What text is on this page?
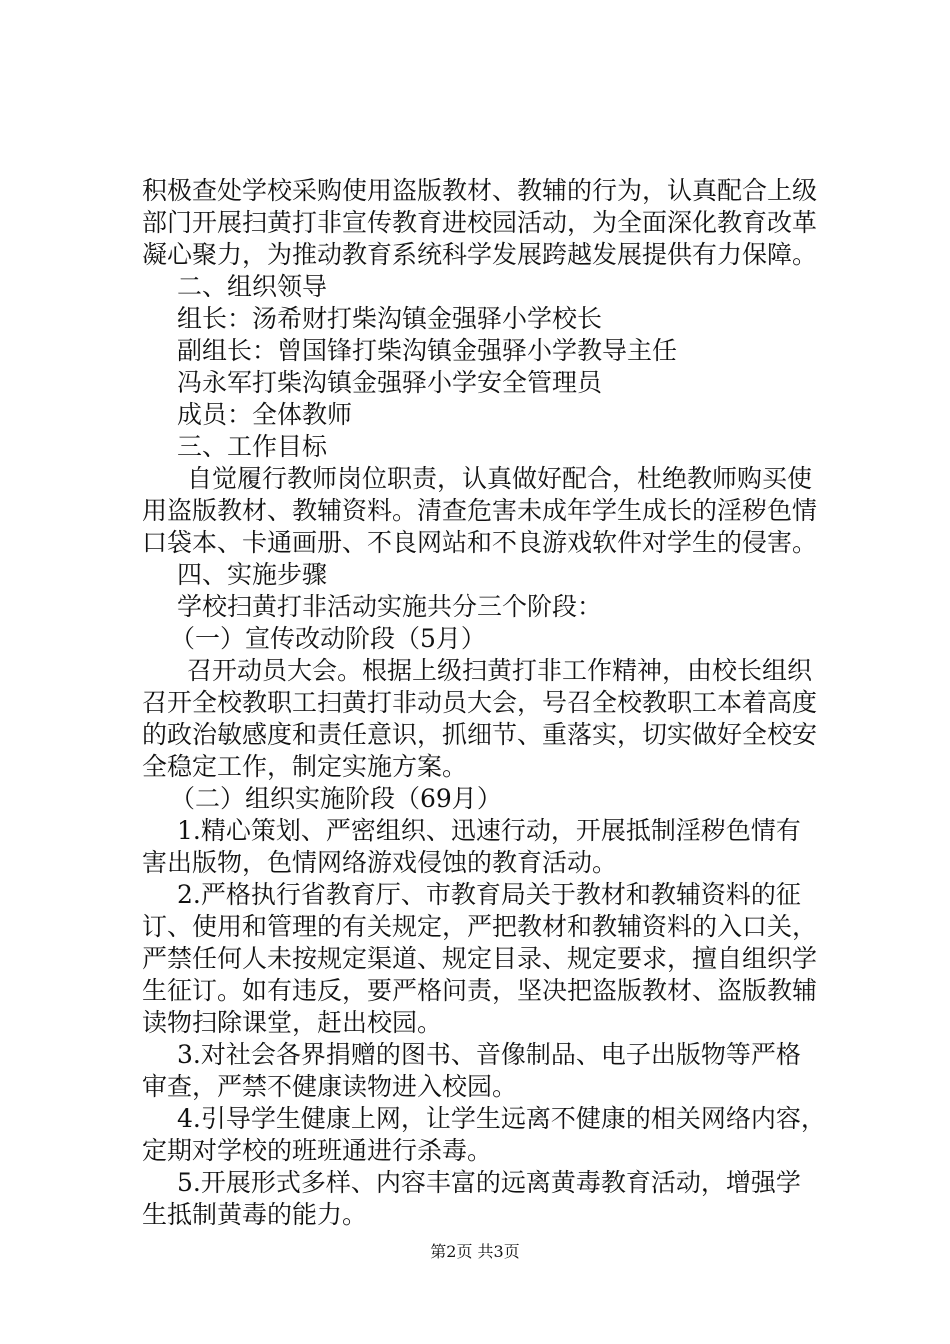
积极查处学校采购使用盗版教材、教辅的行为，认真配合上级
部门开展扫黄打非宣传教育进校园活动，为全面深化教育改革
凝心聚力，为推动教育系统科学发展跨越发展提供有力保障。
二、组织领导
组长：汤希财打柴沟镇金强驿小学校长
副组长：曾国锋打柴沟镇金强驿小学教导主任
冯永军打柴沟镇金强驿小学安全管理员
成员：全体教师
三、工作目标
自觉履行教师岗位职责，认真做好配合，杜绝教师购买使
用盗版教材、教辅资料。清查危害未成年学生成长的淫秽色情
口袋本、卡通画册、不良网站和不良游戏软件对学生的侵害。
四、实施步骤
学校扫黄打非活动实施共分三个阶段：
（一）宣传改动阶段（5月）
召开动员大会。根据上级扫黄打非工作精神，由校长组织
召开全校教职工扫黄打非动员大会，号召全校教职工本着高度
的政治敏感度和责任意识，抓细节、重落实，切实做好全校安
全稳定工作，制定实施方案。
（二）组织实施阶段（69月）
1.精心策划、严密组织、迅速行动，开展抵制淫秽色情有
害出版物，色情网络游戏侵蚀的教育活动。
2.严格执行省教育厅、市教育局关于教材和教辅资料的征
订、使用和管理的有关规定，严把教材和教辅资料的入口关，
严禁任何人未按规定渠道、规定目录、规定要求，擅自组织学
生征订。如有违反，要严格问责，坚决把盗版教材、盗版教辅
读物扫除课堂，赶出校园。
3.对社会各界捐赠的图书、音像制品、电子出版物等严格
审查，严禁不健康读物进入校园。
4.引导学生健康上网，让学生远离不健康的相关网络内容，
定期对学校的班班通进行杀毒。
5.开展形式多样、内容丰富的远离黄毒教育活动，增强学
生抵制黄毒的能力。
第2页 共3页
